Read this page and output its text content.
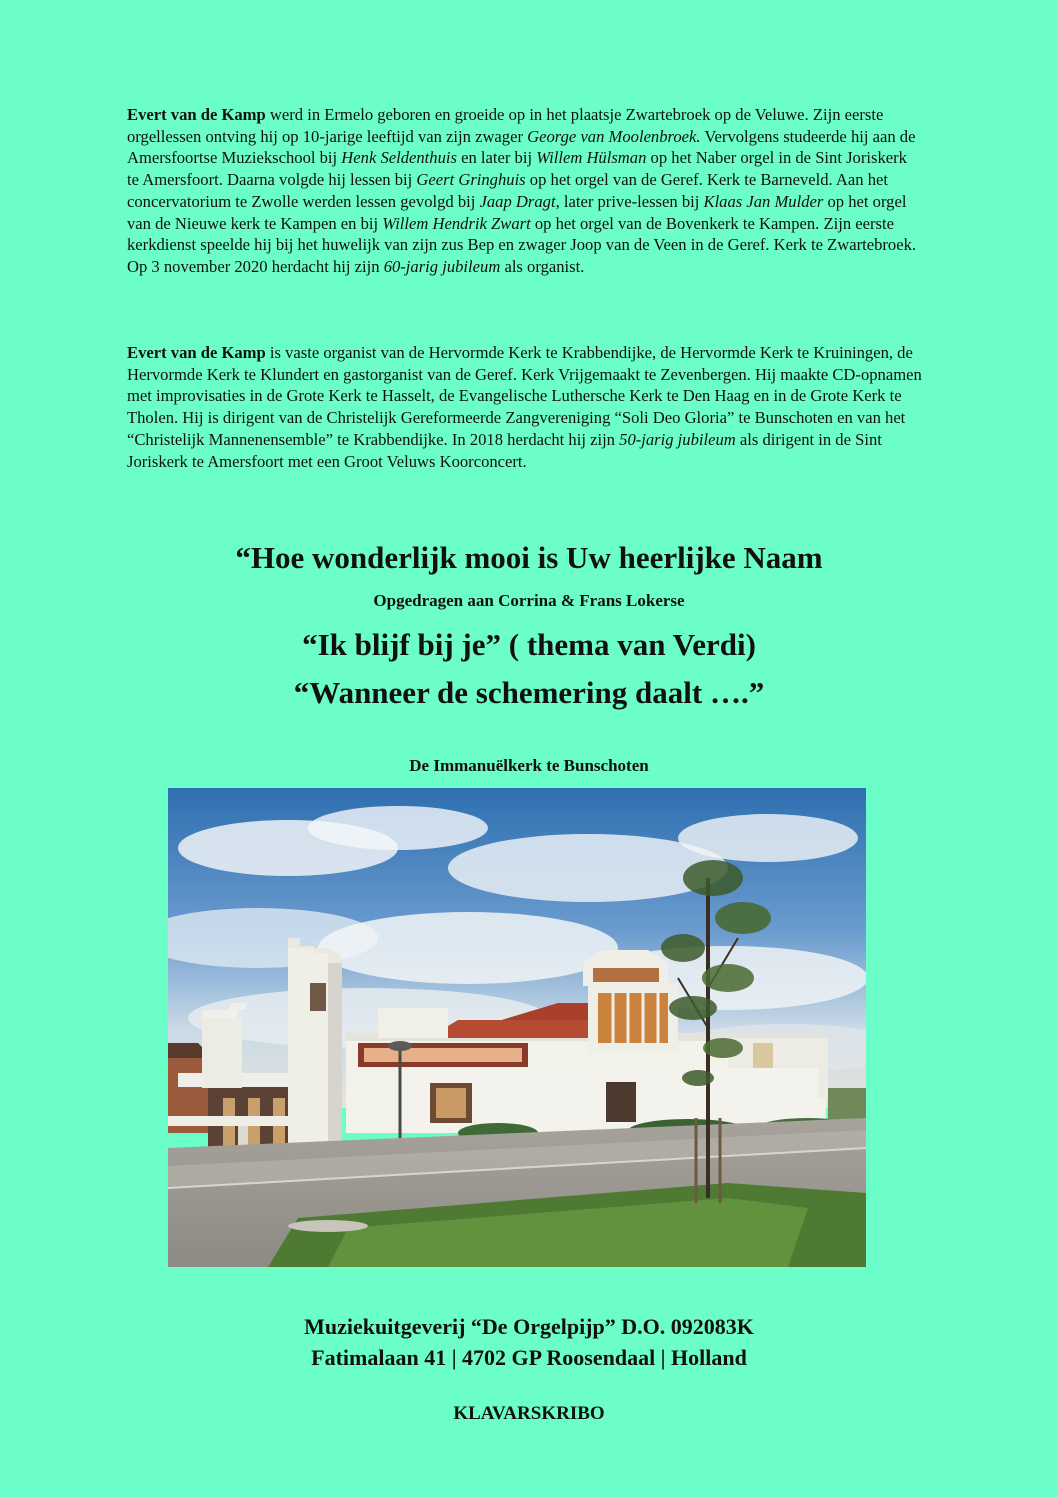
Evert van de Kamp werd in Ermelo geboren en groeide op in het plaatsje Zwartebroek op de Veluwe. Zijn eerste orgellessen ontving hij op 10-jarige leeftijd van zijn zwager George van Moolenbroek. Vervolgens studeerde hij aan de Amersfoortse Muziekschool bij Henk Seldenthuis en later bij Willem Hülsman op het Naber orgel in de Sint Joriskerk te Amersfoort. Daarna volgde hij lessen bij Geert Gringhuis op het orgel van de Geref. Kerk te Barneveld. Aan het concervatorium te Zwolle werden lessen gevolgd bij Jaap Dragt, later prive-lessen bij Klaas Jan Mulder op het orgel van de Nieuwe kerk te Kampen en bij Willem Hendrik Zwart op het orgel van de Bovenkerk te Kampen. Zijn eerste kerkdienst speelde hij bij het huwelijk van zijn zus Bep en zwager Joop van de Veen in de Geref. Kerk te Zwartebroek. Op 3 november 2020 herdacht hij zijn 60-jarig jubileum als organist.

Evert van de Kamp is vaste organist van de Hervormde Kerk te Krabbendijke, de Hervormde Kerk te Kruiningen, de Hervormde Kerk te Klundert en gastorganist van de Geref. Kerk Vrijgemaakt te Zevenbergen. Hij maakte CD-opnamen met improvisaties in de Grote Kerk te Hasselt, de Evangelische Luthersche Kerk te Den Haag en in de Grote Kerk te Tholen. Hij is dirigent van de Christelijk Gereformeerde Zangvereniging “Soli Deo Gloria” te Bunschoten en van het “Christelijk Mannenensemble” te Krabbendijke. In 2018 herdacht hij zijn 50-jarig jubileum als dirigent in de Sint Joriskerk te Amersfoort met een Groot Veluws Koorconcert.

“Hoe wonderlijk mooi is Uw heerlijke Naam
Opgedragen aan Corrina & Frans Lokerse
“Ik blijf bij je” ( thema van Verdi)
“Wanneer de schemering daalt ….”
De Immanuëlkerk te Bunschoten
Muziekuitgeverij “De Orgelpijp” D.O. 092083K
Fatimalaan 41 | 4702 GP Roosendaal | Holland
KLAVARSKRIBO
